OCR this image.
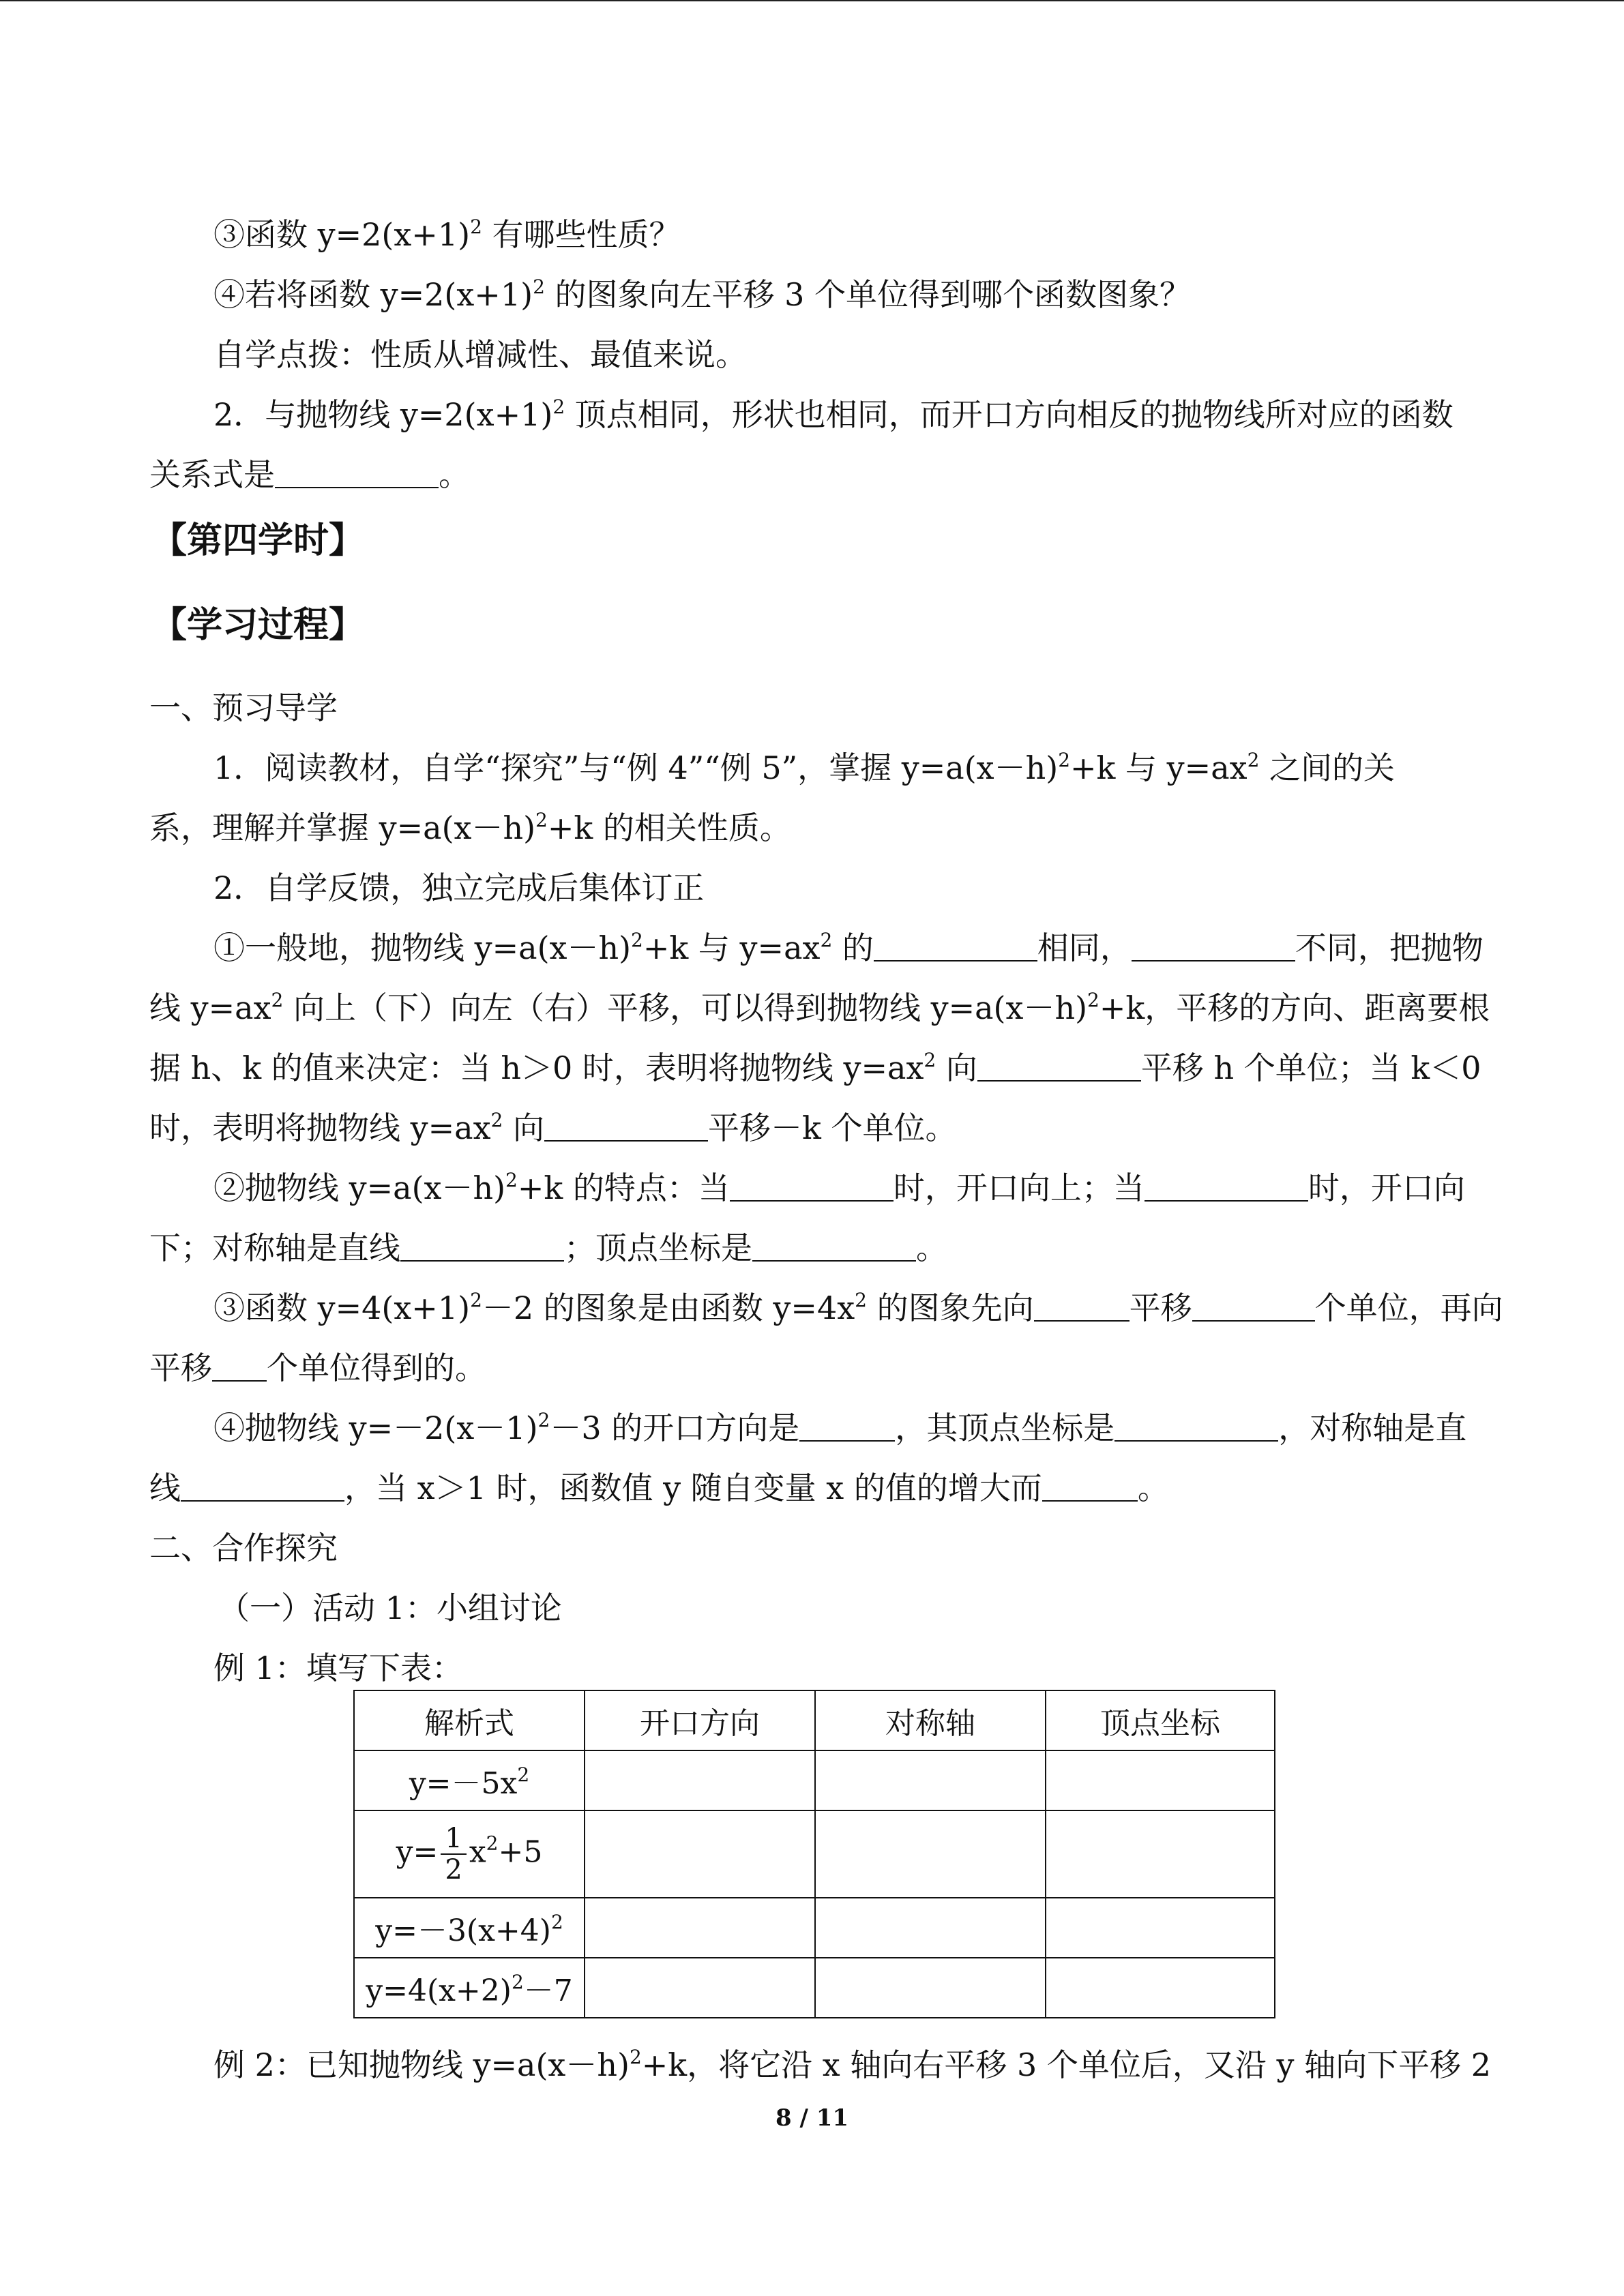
③函数 $y=2(x+1)^2$ 有哪些性质？
④若将函数 $y=2(x+1)^2$ 的图象向左平移 3 个单位得到哪个函数图象？
自学点拨：性质从增减性、最值来说。
2．与抛物线 $y=2(x+1)^2$ 顶点相同，形状也相同，而开口方向相反的抛物线所对应的函数
关系式是	。
【第四学时】
【学习过程】
一、预习导学
1．阅读教材，自学“探究”与“例 4”“例 5”，掌握 $y=a(x-h)^2+k$ 与 $y=ax^2$ 之间的关
系，理解并掌握 $y=a(x-h)^2+k$ 的相关性质。
2．自学反馈，独立完成后集体订正
①一般地，抛物线 $y=a(x-h)^2+k$ 与 $y=ax^2$ 的	相同，	不同，把抛物
线 $y=ax^2$ 向上（下）向左（右）平移，可以得到抛物线 $y=a(x-h)^2+k$，平移的方向、距离要根
据 h、k 的值来决定：当 h＞0 时，表明将抛物线 $y=ax^2$ 向	平移 h 个单位；当 k＜0
时，表明将抛物线 $y=ax^2$ 向	平移－k 个单位。
②抛物线 $y=a(x-h)^2+k$ 的特点：当	时，开口向上；当	时，开口向
下；对称轴是直线	；顶点坐标是	。
③函数 $y=4(x+1)^2-2$ 的图象是由函数 $y=4x^2$ 的图象先向	平移	个单位，再向
平移 个单位得到的。
④抛物线 $y=-2(x-1)^2-3$ 的开口方向是	，其顶点坐标是	，对称轴是直
线	，当 x＞1 时，函数值 y 随自变量 x 的值的增大而	。
二、合作探究
（一）活动 1：小组讨论
例 1：填写下表：
解析式	开口方向	对称轴	顶点坐标
$y=-5x^2$			
$y= \frac{1}{2} x^2+5$			
$y=-3(x+4)^2$			
$y=4(x+2)^2-7$			
例 2：已知抛物线 $y=a(x-h)^2+k$，将它沿 x 轴向右平移 3 个单位后，又沿 y 轴向下平移 2
8 / 11
